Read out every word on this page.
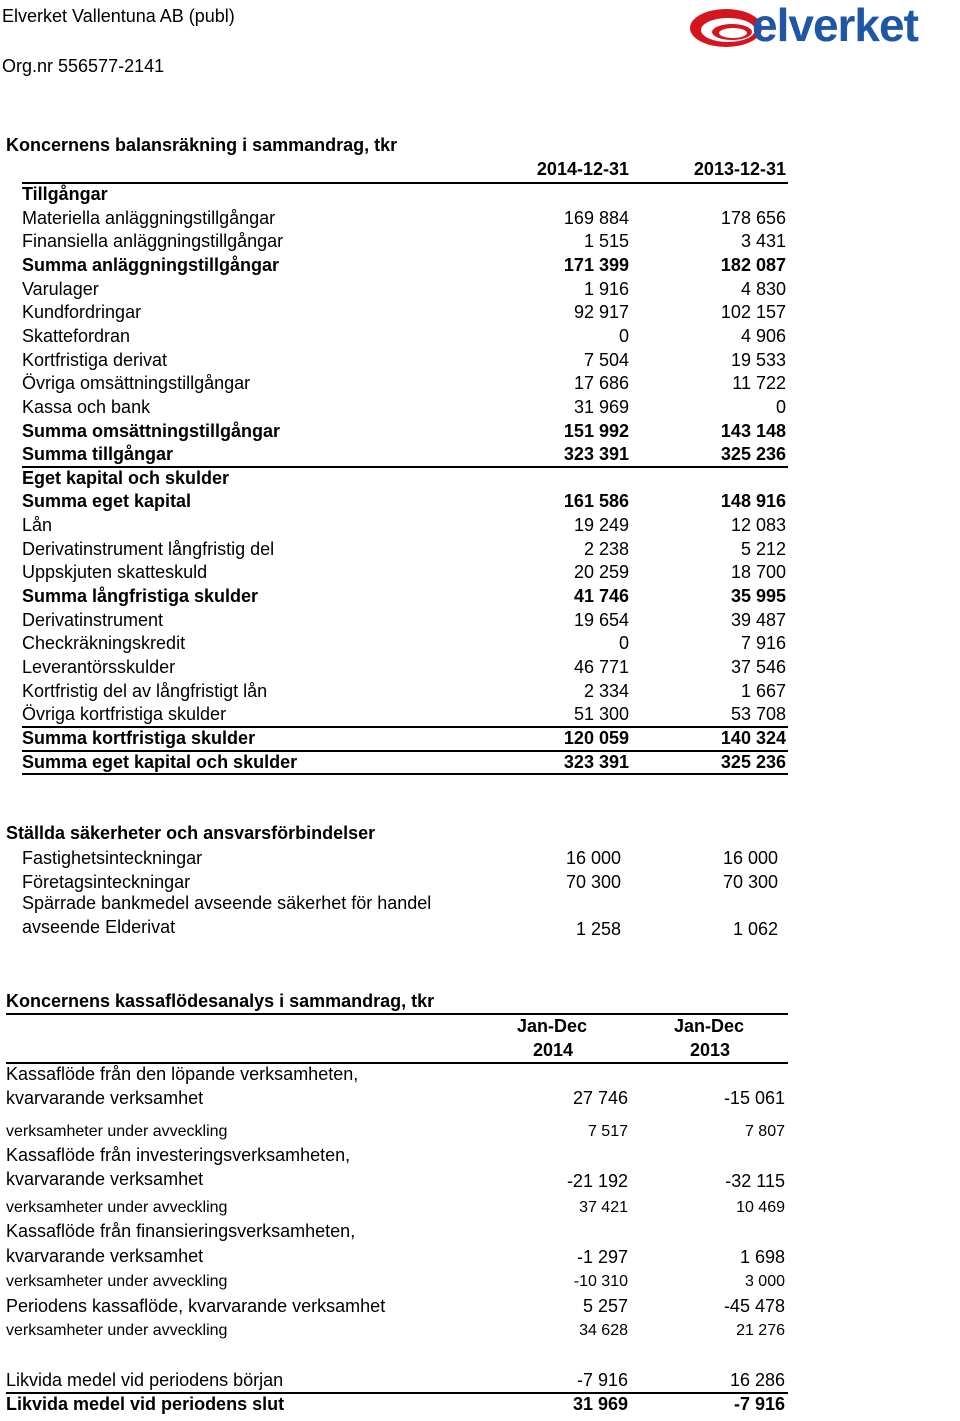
Elverket Vallentuna AB (publ)
Org.nr 556577-2141
elverket
Koncernens balansräkning i sammandrag, tkr
2014-12-31	2013-12-31
Tillgångar
Materiella anläggningstillgångar	169 884	178 656
Finansiella anläggningstillgångar	1 515	3 431
Summa anläggningstillgångar	171 399	182 087
Varulager	1 916	4 830
Kundfordringar	92 917	102 157
Skattefordran	0	4 906
Kortfristiga derivat	7 504	19 533
Övriga omsättningstillgångar	17 686	11 722
Kassa och bank	31 969	0
Summa omsättningstillgångar	151 992	143 148
Summa tillgångar	323 391	325 236
Eget kapital och skulder
Summa eget kapital	161 586	148 916
Lån	19 249	12 083
Derivatinstrument långfristig del	2 238	5 212
Uppskjuten skatteskuld	20 259	18 700
Summa långfristiga skulder	41 746	35 995
Derivatinstrument	19 654	39 487
Checkräkningskredit	0	7 916
Leverantörsskulder	46 771	37 546
Kortfristig del av långfristigt lån	2 334	1 667
Övriga kortfristiga skulder	51 300	53 708
Summa kortfristiga skulder	120 059	140 324
Summa eget kapital och skulder	323 391	325 236
Ställda säkerheter och ansvarsförbindelser
Fastighetsinteckningar	16 000	16 000
Företagsinteckningar	70 300	70 300
Spärrade bankmedel avseende säkerhet för handel
avseende Elderivat	1 258	1 062
Koncernens kassaflödesanalys i sammandrag, tkr
Jan-Dec	Jan-Dec
2014	2013
Kassaflöde från den löpande verksamheten,
kvarvarande verksamhet	27 746	-15 061
verksamheter under avveckling	7 517	7 807
Kassaflöde från investeringsverksamheten,
kvarvarande verksamhet	-21 192	-32 115
verksamheter under avveckling	37 421	10 469
Kassaflöde från finansieringsverksamheten,
kvarvarande verksamhet	-1 297	1 698
verksamheter under avveckling	-10 310	3 000
Periodens kassaflöde, kvarvarande verksamhet	5 257	-45 478
verksamheter under avveckling	34 628	21 276
Likvida medel vid periodens början	-7 916	16 286
Likvida medel vid periodens slut	31 969	-7 916
